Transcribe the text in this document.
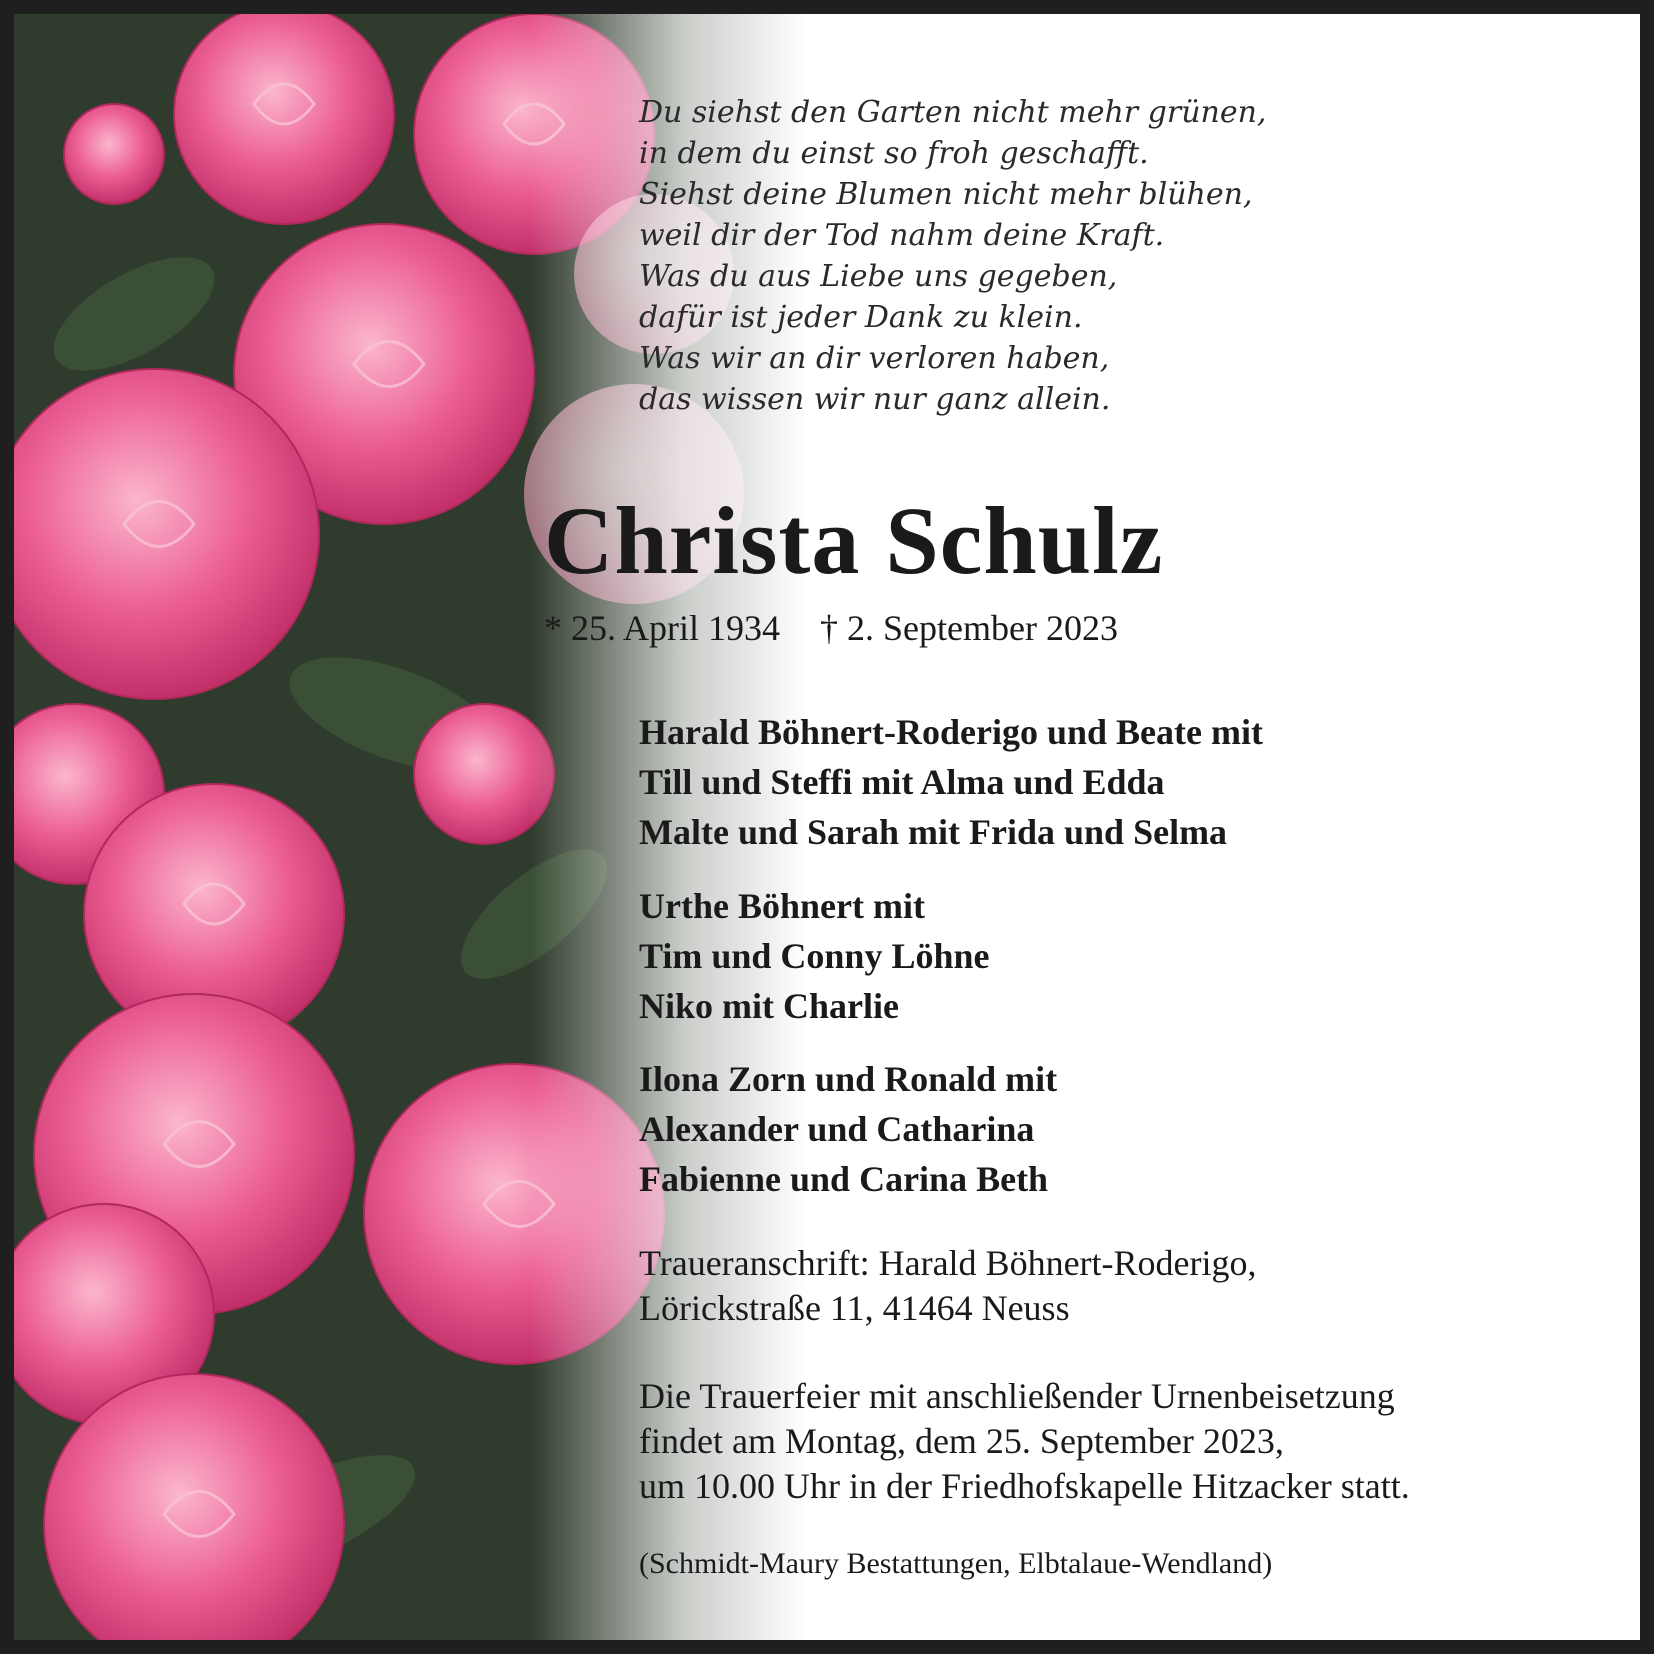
Du siehst den Garten nicht mehr grünen,
in dem du einst so froh geschafft.
Siehst deine Blumen nicht mehr blühen,
weil dir der Tod nahm deine Kraft.
Was du aus Liebe uns gegeben,
dafür ist jeder Dank zu klein.
Was wir an dir verloren haben,
das wissen wir nur ganz allein.
Christa Schulz
* 25. April 1934 † 2. September 2023
Harald Böhnert-Roderigo und Beate mit
Till und Steffi mit Alma und Edda
Malte und Sarah mit Frida und Selma
Urthe Böhnert mit
Tim und Conny Löhne
Niko mit Charlie
Ilona Zorn und Ronald mit
Alexander und Catharina
Fabienne und Carina Beth
Traueranschrift: Harald Böhnert-Roderigo,
Lörickstraße 11, 41464 Neuss
Die Trauerfeier mit anschließender Urnenbeisetzung
findet am Montag, dem 25. September 2023,
um 10.00 Uhr in der Friedhofskapelle Hitzacker statt.
(Schmidt-Maury Bestattungen, Elbtalaue-Wendland)
